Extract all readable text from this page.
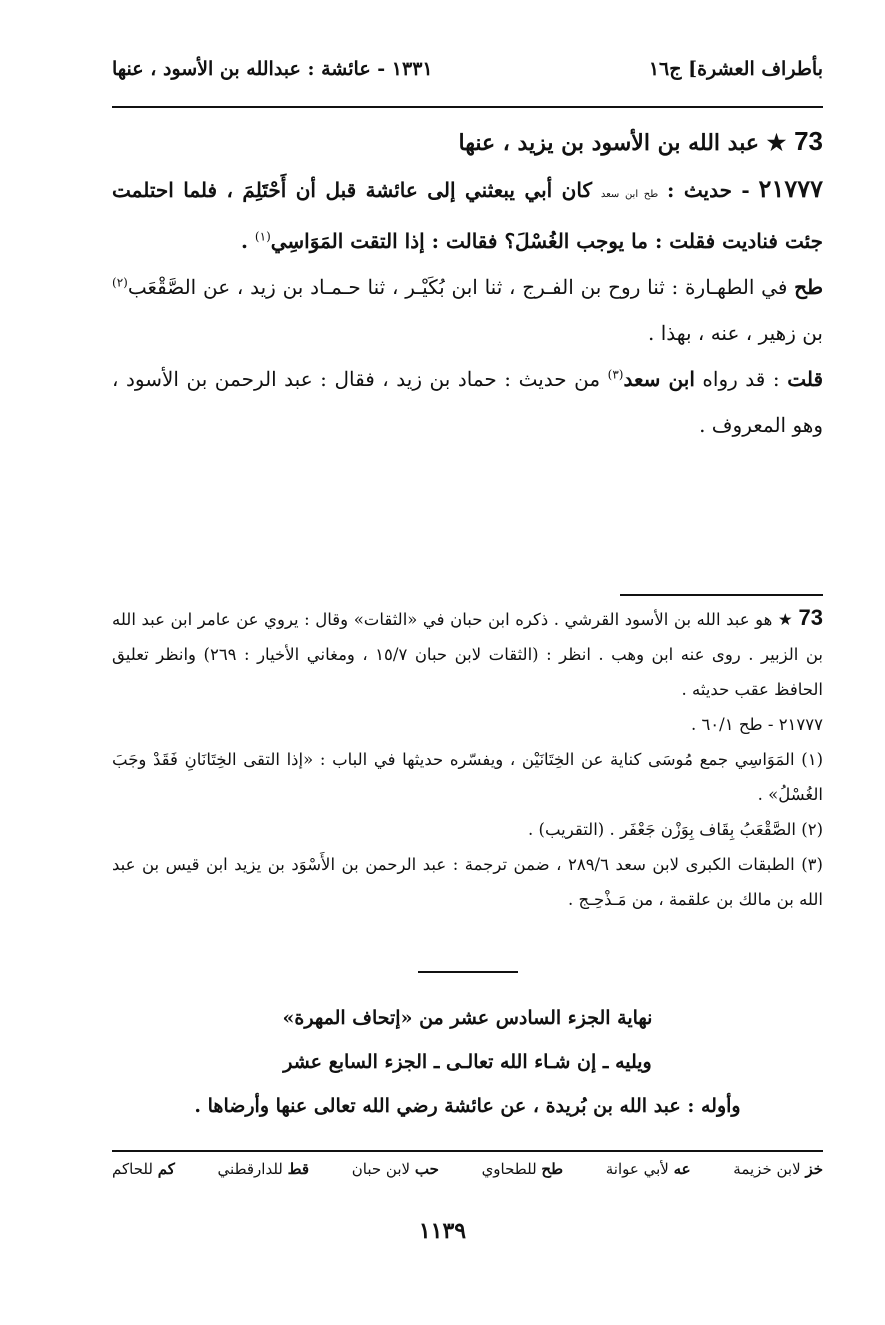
بأطراف العشرة] ج١٦
١٣٣١ - عائشة : عبدالله بن الأسود ، عنها

73 ★ عبد الله بن الأسود بن يزيد ، عنها

٢١٧٧٧ - حديث : طح ابن سعد كان أبي يبعثني إلى عائشة قبل أن أَحْتَلِمَ ، فلما احتلمت جئت فناديت فقلت : ما يوجب الغُسْلَ؟ فقالت : إذا التقت المَوَاسِي$^{(١)}$ .

طح في الطهـارة : ثنا روح بن الفـرج ، ثنا ابن بُكَيْـر ، ثنا حـمـاد بن زيد ، عن الصَّقْعَب$^{(٢)}$ بن زهير ، عنه ، بهذا .

قلت : قد رواه ابن سعد$^{(٣)}$ من حديث : حماد بن زيد ، فقال : عبد الرحمن بن الأسود ، وهو المعروف .

73 ★ هو عبد الله بن الأسود القرشي . ذكره ابن حبان في «الثقات» وقال : يروي عن عامر ابن عبد الله بن الزبير . روى عنه ابن وهب . انظر : (الثقات لابن حبان ١٥/٧ ، ومغاني الأخيار : ٢٦٩) وانظر تعليق الحافظ عقب حديثه .

٢١٧٧٧ - طح ٦٠/١ .

(١) المَوَاسِي جمع مُوسَى كناية عن الخِتَانَيْن ، ويفسّره حديثها في الباب : «إذا التقى الخِتَانَانِ فَقَدْ وجَبَ الغُسْلُ» .

(٢) الصَّقْعَبُ بِقَاف بِوَزْن جَعْفَر . (التقريب) .

(٣) الطبقات الكبرى لابن سعد ٢٨٩/٦ ، ضمن ترجمة : عبد الرحمن بن الأَسْوَد بن يزيد ابن قيس بن عبد الله بن مالك بن علقمة ، من مَـذْحِـج .

نهاية الجزء السادس عشر من «إتحاف المهرة»
ويليه ـ إن شـاء الله تعالـى ـ الجزء السابع عشر
وأوله : عبد الله بن بُريدة ، عن عائشة رضي الله تعالى عنها وأرضاها .
خز لابن خزيمة
عه لأبي عوانة
طح للطحاوي
حب لابن حبان
قط للدارقطني
كم للحاكم
١١٣٩
